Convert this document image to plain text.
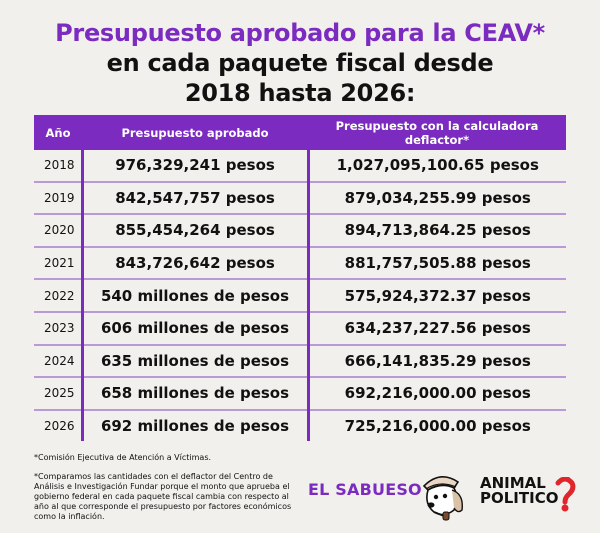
Presupuesto aprobado para la CEAV*
en cada paquete fiscal desde
2018 hasta 2026:
Año	Presupuesto aprobado	Presupuesto con la calculadora deflactor*
2018	976,329,241 pesos	1,027,095,100.65 pesos
2019	842,547,757 pesos	879,034,255.99 pesos
2020	855,454,264 pesos	894,713,864.25 pesos
2021	843,726,642 pesos	881,757,505.88 pesos
2022	540 millones de pesos	575,924,372.37 pesos
2023	606 millones de pesos	634,237,227.56 pesos
2024	635 millones de pesos	666,141,835.29 pesos
2025	658 millones de pesos	692,216,000.00 pesos
2026	692 millones de pesos	725,216,000.00 pesos
*Comisión Ejecutiva de Atención a Víctimas.
*Comparamos las cantidades con el deflactor del Centro de Análisis e Investigación Fundar porque el monto que aprueba el gobierno federal en cada paquete fiscal cambia con respecto al año al que corresponde el presupuesto por factores económicos como la inflación.
EL SABUESO	ANIMAL
POLITICO
